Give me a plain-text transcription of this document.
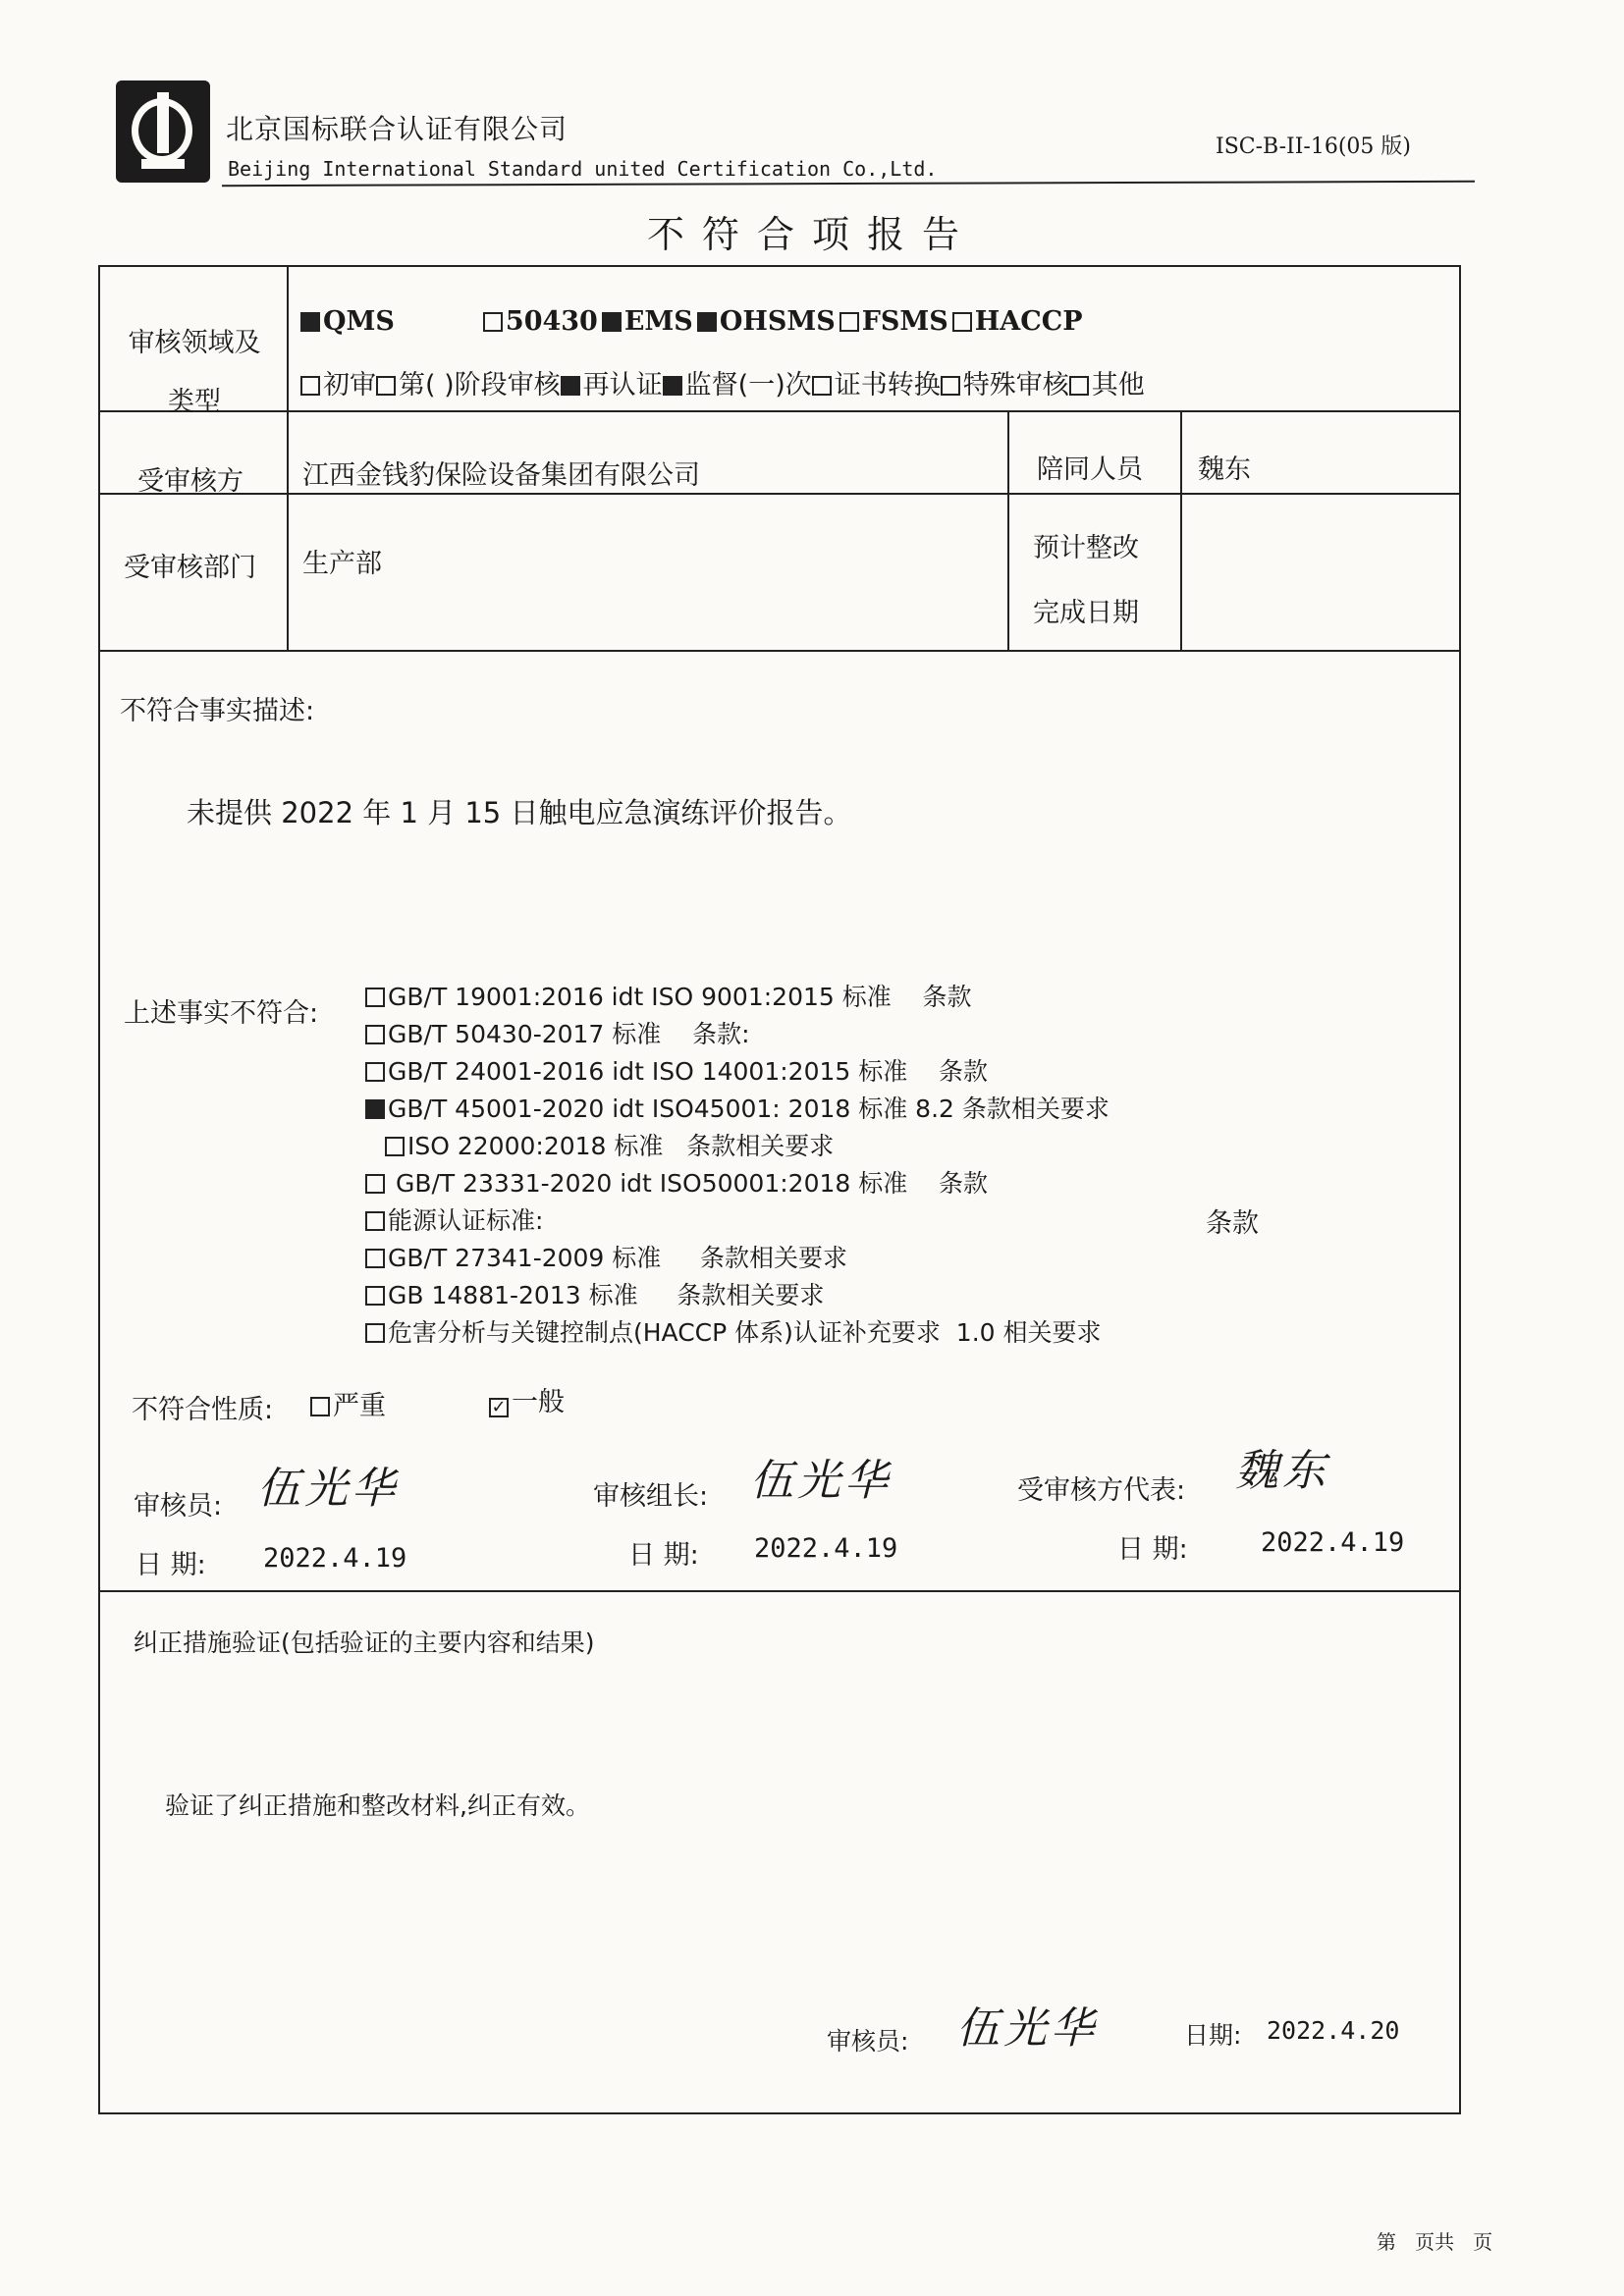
北京国标联合认证有限公司
Beijing International Standard united Certification Co.,Ltd.
ISC-B-II-16(05 版)
不符合项报告
审核领域及类型
QMS	50430 EMS OHSMS FSMS HACCP
初审 第( )阶段审核 再认证 监督(一)次 证书转换 特殊审核 其他
受审核方 江西金钱豹保险设备集团有限公司	陪同人员 魏东
受审核部门 生产部
预计整改
完成日期
不符合事实描述:
未提供 2022 年 1 月 15 日触电应急演练评价报告。
上述事实不符合:
GB/T 19001:2016 idt ISO 9001:2015 标准    条款
GB/T 50430-2017 标准    条款:
GB/T 24001-2016 idt ISO 14001:2015 标准    条款
GB/T 45001-2020 idt ISO45001: 2018 标准 8.2 条款相关要求
ISO 22000:2018 标准   条款相关要求
GB/T 23331-2020 idt ISO50001:2018 标准    条款
能源认证标准:
GB/T 27341-2009 标准     条款相关要求
GB 14881-2013 标准     条款相关要求
危害分析与关键控制点(HACCP 体系)认证补充要求  1.0 相关要求
条款
不符合性质:	严重	✓ 一般
审核员: 伍光华	审核组长: 伍光华	受审核方代表: 魏东
日 期: 2022.4.19	日 期: 2022.4.19	日 期:	2022.4.19
纠正措施验证(包括验证的主要内容和结果)
验证了纠正措施和整改材料,纠正有效。
审核员: 伍光华	日期: 2022.4.20
第   页共   页
